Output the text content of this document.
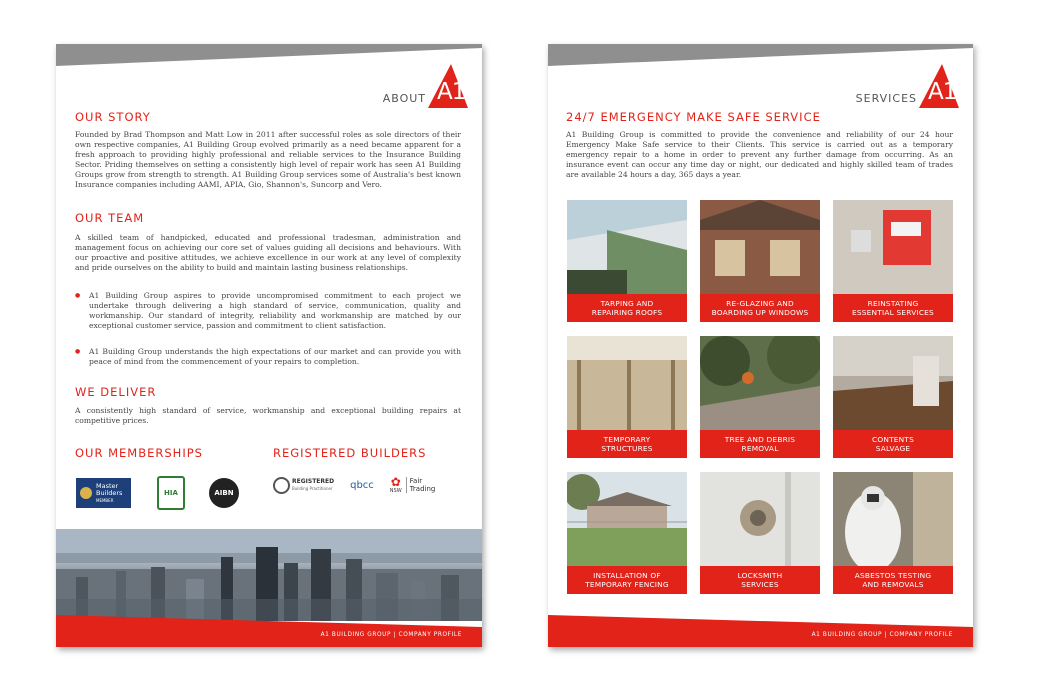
ABOUT A1
OUR STORY

Founded by Brad Thompson and Matt Low in 2011 after successful roles as sole directors of their own respective companies, A1 Building Group evolved primarily as a need became apparent for a fresh approach to providing highly professional and reliable services to the Insurance Building Sector. Priding themselves on setting a consistently high level of repair work has seen A1 Building Groups grow from strength to strength. A1 Building Group services some of Australia's best known Insurance companies including AAMI, APIA, Gio, Shannon's, Suncorp and Vero.

OUR TEAM

A skilled team of handpicked, educated and professional tradesman, administration and management focus on achieving our core set of values guiding all decisions and behaviours. With our proactive and positive attitudes, we achieve excellence in our work at any level of complexity and pride ourselves on the ability to build and maintain lasting business relationships.

● A1 Building Group aspires to provide uncompromised commitment to each project we undertake through delivering a high standard of service, communication, quality and workmanship. Our standard of integrity, reliability and workmanship are matched by our exceptional customer service, passion and commitment to client satisfaction.

● A1 Building Group understands the high expectations of our market and can provide you with peace of mind from the commencement of your repairs to completion.

WE DELIVER

A consistently high standard of service, workmanship and exceptional building repairs at competitive prices.

OUR MEMBERSHIPS	REGISTERED BUILDERS
Master
Builders
MEMBER
HIA	AIBN
REGISTERED
Building Practitioner qbcc ✿
NSW
Fair
Trading
A1 BUILDING GROUP | COMPANY PROFILE
SERVICES A1
24/7 EMERGENCY MAKE SAFE SERVICE

A1 Building Group is committed to provide the convenience and reliability of our 24 hour Emergency Make Safe service to their Clients. This service is carried out as a temporary emergency repair to a home in order to prevent any further damage from occurring. As an insurance event can occur any time day or night, our dedicated and highly skilled team of trades are available 24 hours a day, 365 days a year.

TARPING AND
REPAIRING ROOFS
RE-GLAZING AND
BOARDING UP WINDOWS
REINSTATING
ESSENTIAL SERVICES
TEMPORARY
STRUCTURES
TREE AND DEBRIS
REMOVAL
CONTENTS
SALVAGE
INSTALLATION OF
TEMPORARY FENCING
LOCKSMITH
SERVICES
ASBESTOS TESTING
AND REMOVALS
A1 BUILDING GROUP | COMPANY PROFILE
